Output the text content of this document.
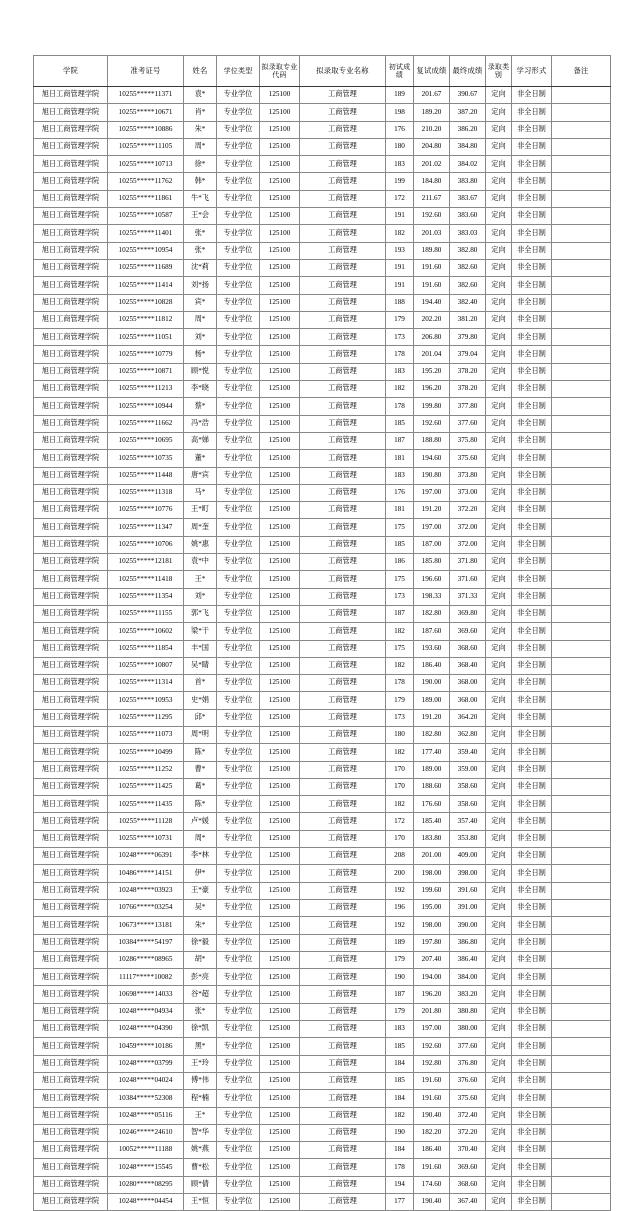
学院	准考证号	姓名	学位类型	拟录取专业代码	拟录取专业名称	初试成绩	复试成绩	最终成绩	录取类别	学习形式	备注
旭日工商管理学院	10255*****11371	袁*	专业学位	125100	工商管理	189	201.67	390.67	定向	非全日制	
旭日工商管理学院	10255*****10671	肖*	专业学位	125100	工商管理	198	189.20	387.20	定向	非全日制	
旭日工商管理学院	10255*****10886	朱*	专业学位	125100	工商管理	176	210.20	386.20	定向	非全日制	
旭日工商管理学院	10255*****11105	周*	专业学位	125100	工商管理	180	204.80	384.80	定向	非全日制	
旭日工商管理学院	10255*****10713	徐*	专业学位	125100	工商管理	183	201.02	384.02	定向	非全日制	
旭日工商管理学院	10255*****11762	韩*	专业学位	125100	工商管理	199	184.80	383.80	定向	非全日制	
旭日工商管理学院	10255*****11861	牛*飞	专业学位	125100	工商管理	172	211.67	383.67	定向	非全日制	
旭日工商管理学院	10255*****10587	王*会	专业学位	125100	工商管理	191	192.60	383.60	定向	非全日制	
旭日工商管理学院	10255*****11401	张*	专业学位	125100	工商管理	182	201.03	383.03	定向	非全日制	
旭日工商管理学院	10255*****10954	张*	专业学位	125100	工商管理	193	189.80	382.80	定向	非全日制	
旭日工商管理学院	10255*****11689	沈*莉	专业学位	125100	工商管理	191	191.60	382.60	定向	非全日制	
旭日工商管理学院	10255*****11414	刘*扬	专业学位	125100	工商管理	191	191.60	382.60	定向	非全日制	
旭日工商管理学院	10255*****10828	宾*	专业学位	125100	工商管理	188	194.40	382.40	定向	非全日制	
旭日工商管理学院	10255*****11812	周*	专业学位	125100	工商管理	179	202.20	381.20	定向	非全日制	
旭日工商管理学院	10255*****11051	刘*	专业学位	125100	工商管理	173	206.80	379.80	定向	非全日制	
旭日工商管理学院	10255*****10779	杨*	专业学位	125100	工商管理	178	201.04	379.04	定向	非全日制	
旭日工商管理学院	10255*****10871	顾*悦	专业学位	125100	工商管理	183	195.20	378.20	定向	非全日制	
旭日工商管理学院	10255*****11213	李*晓	专业学位	125100	工商管理	182	196.20	378.20	定向	非全日制	
旭日工商管理学院	10255*****10944	蔡*	专业学位	125100	工商管理	178	199.80	377.80	定向	非全日制	
旭日工商管理学院	10255*****11662	冯*浩	专业学位	125100	工商管理	185	192.60	377.60	定向	非全日制	
旭日工商管理学院	10255*****10695	高*娣	专业学位	125100	工商管理	187	188.80	375.80	定向	非全日制	
旭日工商管理学院	10255*****10735	董*	专业学位	125100	工商管理	181	194.60	375.60	定向	非全日制	
旭日工商管理学院	10255*****11448	唐*宾	专业学位	125100	工商管理	183	190.80	373.80	定向	非全日制	
旭日工商管理学院	10255*****11318	马*	专业学位	125100	工商管理	176	197.00	373.00	定向	非全日制	
旭日工商管理学院	10255*****10776	王*町	专业学位	125100	工商管理	181	191.20	372.20	定向	非全日制	
旭日工商管理学院	10255*****11347	周*奎	专业学位	125100	工商管理	175	197.00	372.00	定向	非全日制	
旭日工商管理学院	10255*****10706	姚*惠	专业学位	125100	工商管理	185	187.00	372.00	定向	非全日制	
旭日工商管理学院	10255*****12181	袁*中	专业学位	125100	工商管理	186	185.80	371.80	定向	非全日制	
旭日工商管理学院	10255*****11418	王*	专业学位	125100	工商管理	175	196.60	371.60	定向	非全日制	
旭日工商管理学院	10255*****11354	刘*	专业学位	125100	工商管理	173	198.33	371.33	定向	非全日制	
旭日工商管理学院	10255*****11155	郭*飞	专业学位	125100	工商管理	187	182.80	369.80	定向	非全日制	
旭日工商管理学院	10255*****10602	梁*干	专业学位	125100	工商管理	182	187.60	369.60	定向	非全日制	
旭日工商管理学院	10255*****11854	丰*国	专业学位	125100	工商管理	175	193.60	368.60	定向	非全日制	
旭日工商管理学院	10255*****10807	吴*睛	专业学位	125100	工商管理	182	186.40	368.40	定向	非全日制	
旭日工商管理学院	10255*****11314	首*	专业学位	125100	工商管理	178	190.00	368.00	定向	非全日制	
旭日工商管理学院	10255*****10953	史*娟	专业学位	125100	工商管理	179	189.00	368.00	定向	非全日制	
旭日工商管理学院	10255*****11295	邱*	专业学位	125100	工商管理	173	191.20	364.20	定向	非全日制	
旭日工商管理学院	10255*****11073	周*明	专业学位	125100	工商管理	180	182.80	362.80	定向	非全日制	
旭日工商管理学院	10255*****10499	陈*	专业学位	125100	工商管理	182	177.40	359.40	定向	非全日制	
旭日工商管理学院	10255*****11252	曹*	专业学位	125100	工商管理	170	189.00	359.00	定向	非全日制	
旭日工商管理学院	10255*****11425	葛*	专业学位	125100	工商管理	170	188.60	358.60	定向	非全日制	
旭日工商管理学院	10255*****11435	陈*	专业学位	125100	工商管理	182	176.60	358.60	定向	非全日制	
旭日工商管理学院	10255*****11128	卢*媛	专业学位	125100	工商管理	172	185.40	357.40	定向	非全日制	
旭日工商管理学院	10255*****10731	周*	专业学位	125100	工商管理	170	183.80	353.80	定向	非全日制	
旭日工商管理学院	10248*****06391	李*林	专业学位	125100	工商管理	208	201.00	409.00	定向	非全日制	
旭日工商管理学院	10486*****14151	伊*	专业学位	125100	工商管理	200	198.00	398.00	定向	非全日制	
旭日工商管理学院	10248*****03923	王*豪	专业学位	125100	工商管理	192	199.60	391.60	定向	非全日制	
旭日工商管理学院	10766*****03254	吴*	专业学位	125100	工商管理	196	195.00	391.00	定向	非全日制	
旭日工商管理学院	10673*****13181	朱*	专业学位	125100	工商管理	192	198.00	390.00	定向	非全日制	
旭日工商管理学院	10384*****54197	徐*毅	专业学位	125100	工商管理	189	197.80	386.80	定向	非全日制	
旭日工商管理学院	10286*****08965	胡*	专业学位	125100	工商管理	179	207.40	386.40	定向	非全日制	
旭日工商管理学院	11117*****10082	彭*亮	专业学位	125100	工商管理	190	194.00	384.00	定向	非全日制	
旭日工商管理学院	10698*****14033	谷*超	专业学位	125100	工商管理	187	196.20	383.20	定向	非全日制	
旭日工商管理学院	10248*****04934	张*	专业学位	125100	工商管理	179	201.80	380.80	定向	非全日制	
旭日工商管理学院	10248*****04390	徐*凯	专业学位	125100	工商管理	183	197.00	380.00	定向	非全日制	
旭日工商管理学院	10459*****10186	黑*	专业学位	125100	工商管理	185	192.60	377.60	定向	非全日制	
旭日工商管理学院	10248*****03799	王*玲	专业学位	125100	工商管理	184	192.80	376.80	定向	非全日制	
旭日工商管理学院	10248*****04024	傅*伟	专业学位	125100	工商管理	185	191.60	376.60	定向	非全日制	
旭日工商管理学院	10384*****52308	程*楠	专业学位	125100	工商管理	184	191.60	375.60	定向	非全日制	
旭日工商管理学院	10248*****05116	王*	专业学位	125100	工商管理	182	190.40	372.40	定向	非全日制	
旭日工商管理学院	10246*****24610	智*华	专业学位	125100	工商管理	190	182.20	372.20	定向	非全日制	
旭日工商管理学院	10052*****11188	姚*燕	专业学位	125100	工商管理	184	186.40	370.40	定向	非全日制	
旭日工商管理学院	10248*****15545	曹*松	专业学位	125100	工商管理	178	191.60	369.60	定向	非全日制	
旭日工商管理学院	10280*****08295	顾*倩	专业学位	125100	工商管理	194	174.60	368.60	定向	非全日制	
旭日工商管理学院	10248*****04454	王*恒	专业学位	125100	工商管理	177	190.40	367.40	定向	非全日制	
